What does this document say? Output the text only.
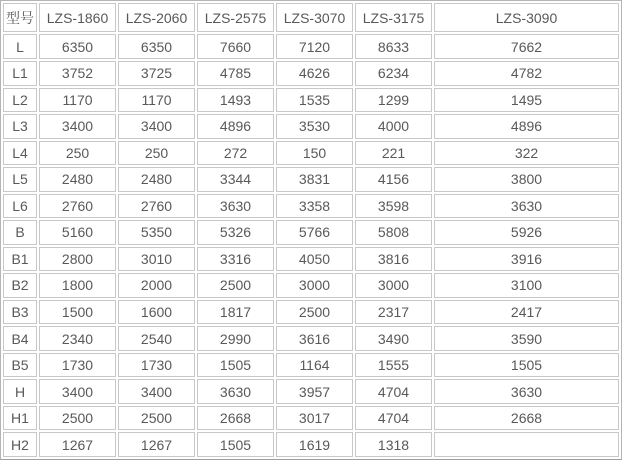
型号	LZS-1860	LZS-2060	LZS-2575	LZS-3070	LZS-3175	LZS-3090
L	6350	6350	7660	7120	8633	7662
L1	3752	3725	4785	4626	6234	4782
L2	1170	1170	1493	1535	1299	1495
L3	3400	3400	4896	3530	4000	4896
L4	250	250	272	150	221	322
L5	2480	2480	3344	3831	4156	3800
L6	2760	2760	3630	3358	3598	3630
B	5160	5350	5326	5766	5808	5926
B1	2800	3010	3316	4050	3816	3916
B2	1800	2000	2500	3000	3000	3100
B3	1500	1600	1817	2500	2317	2417
B4	2340	2540	2990	3616	3490	3590
B5	1730	1730	1505	1164	1555	1505
H	3400	3400	3630	3957	4704	3630
H1	2500	2500	2668	3017	4704	2668
H2	1267	1267	1505	1619	1318	
